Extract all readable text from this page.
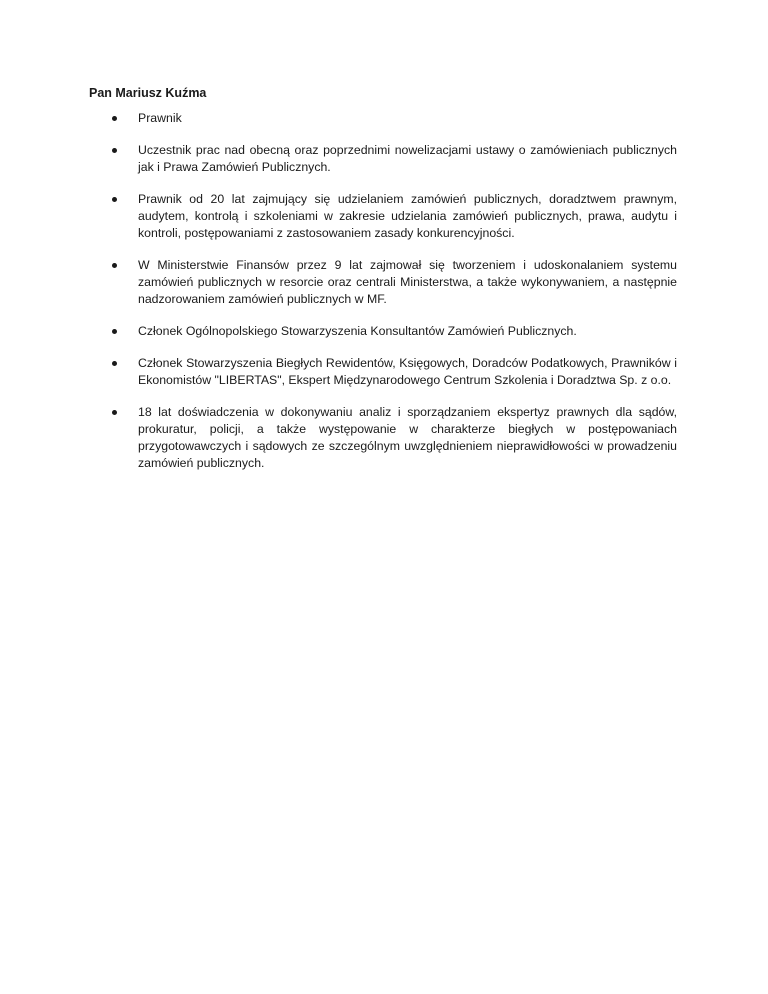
Pan Mariusz Kuźma
Prawnik
Uczestnik prac nad obecną oraz poprzednimi nowelizacjami ustawy o zamówieniach publicznych jak i Prawa Zamówień Publicznych.
Prawnik od 20 lat zajmujący się udzielaniem zamówień publicznych, doradztwem prawnym, audytem, kontrolą i szkoleniami w zakresie udzielania zamówień publicznych, prawa, audytu i kontroli, postępowaniami z zastosowaniem zasady konkurencyjności.
W Ministerstwie Finansów przez 9 lat zajmował się tworzeniem i udoskonalaniem systemu zamówień publicznych w resorcie oraz centrali Ministerstwa, a także wykonywaniem, a następnie nadzorowaniem zamówień publicznych w MF.
Członek Ogólnopolskiego Stowarzyszenia Konsultantów Zamówień Publicznych.
Członek Stowarzyszenia Biegłych Rewidentów, Księgowych, Doradców Podatkowych, Prawników i Ekonomistów "LIBERTAS", Ekspert Międzynarodowego Centrum Szkolenia i Doradztwa Sp. z o.o.
18 lat doświadczenia w dokonywaniu analiz i sporządzaniem ekspertyz prawnych dla sądów, prokuratur, policji, a także występowanie w charakterze biegłych w postępowaniach przygotowawczych i sądowych ze szczególnym uwzględnieniem nieprawidłowości w prowadzeniu zamówień publicznych.
